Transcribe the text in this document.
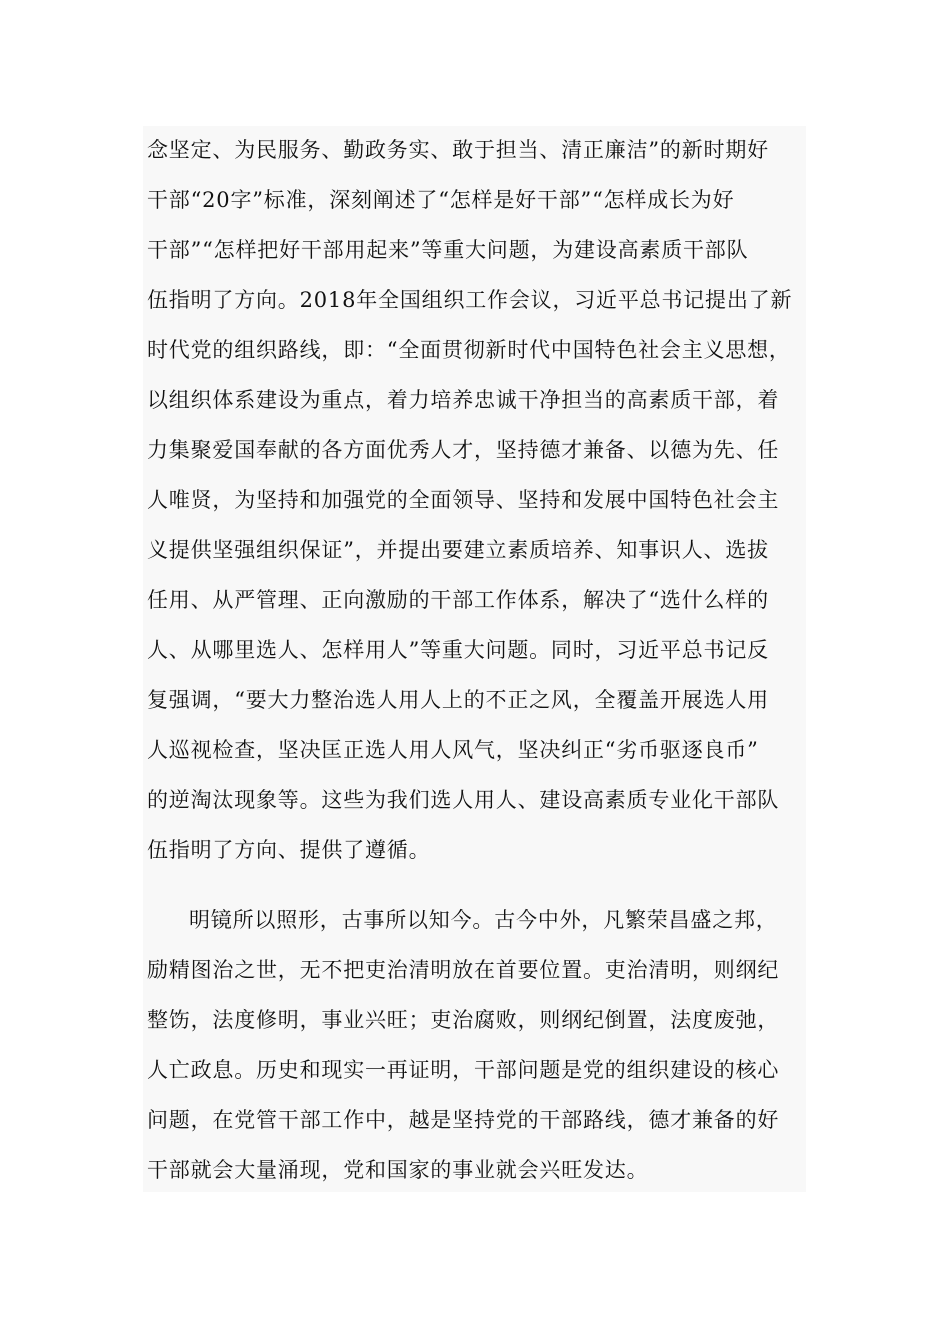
念坚定、为民服务、勤政务实、敢于担当、清正廉洁”的新时期好
干部“20字”标准，深刻阐述了“怎样是好干部”“怎样成长为好
干部”“怎样把好干部用起来”等重大问题，为建设高素质干部队
伍指明了方向。2018年全国组织工作会议，习近平总书记提出了新
时代党的组织路线，即：“全面贯彻新时代中国特色社会主义思想，
以组织体系建设为重点，着力培养忠诚干净担当的高素质干部，着
力集聚爱国奉献的各方面优秀人才，坚持德才兼备、以德为先、任
人唯贤，为坚持和加强党的全面领导、坚持和发展中国特色社会主
义提供坚强组织保证”，并提出要建立素质培养、知事识人、选拔
任用、从严管理、正向激励的干部工作体系，解决了“选什么样的
人、从哪里选人、怎样用人”等重大问题。同时，习近平总书记反
复强调，“要大力整治选人用人上的不正之风，全覆盖开展选人用
人巡视检查，坚决匡正选人用人风气，坚决纠正“劣币驱逐良币”
的逆淘汰现象等。这些为我们选人用人、建设高素质专业化干部队
伍指明了方向、提供了遵循。
明镜所以照形，古事所以知今。古今中外，凡繁荣昌盛之邦，
励精图治之世，无不把吏治清明放在首要位置。吏治清明，则纲纪
整饬，法度修明，事业兴旺；吏治腐败，则纲纪倒置，法度废弛，
人亡政息。历史和现实一再证明，干部问题是党的组织建设的核心
问题，在党管干部工作中，越是坚持党的干部路线，德才兼备的好
干部就会大量涌现，党和国家的事业就会兴旺发达。
